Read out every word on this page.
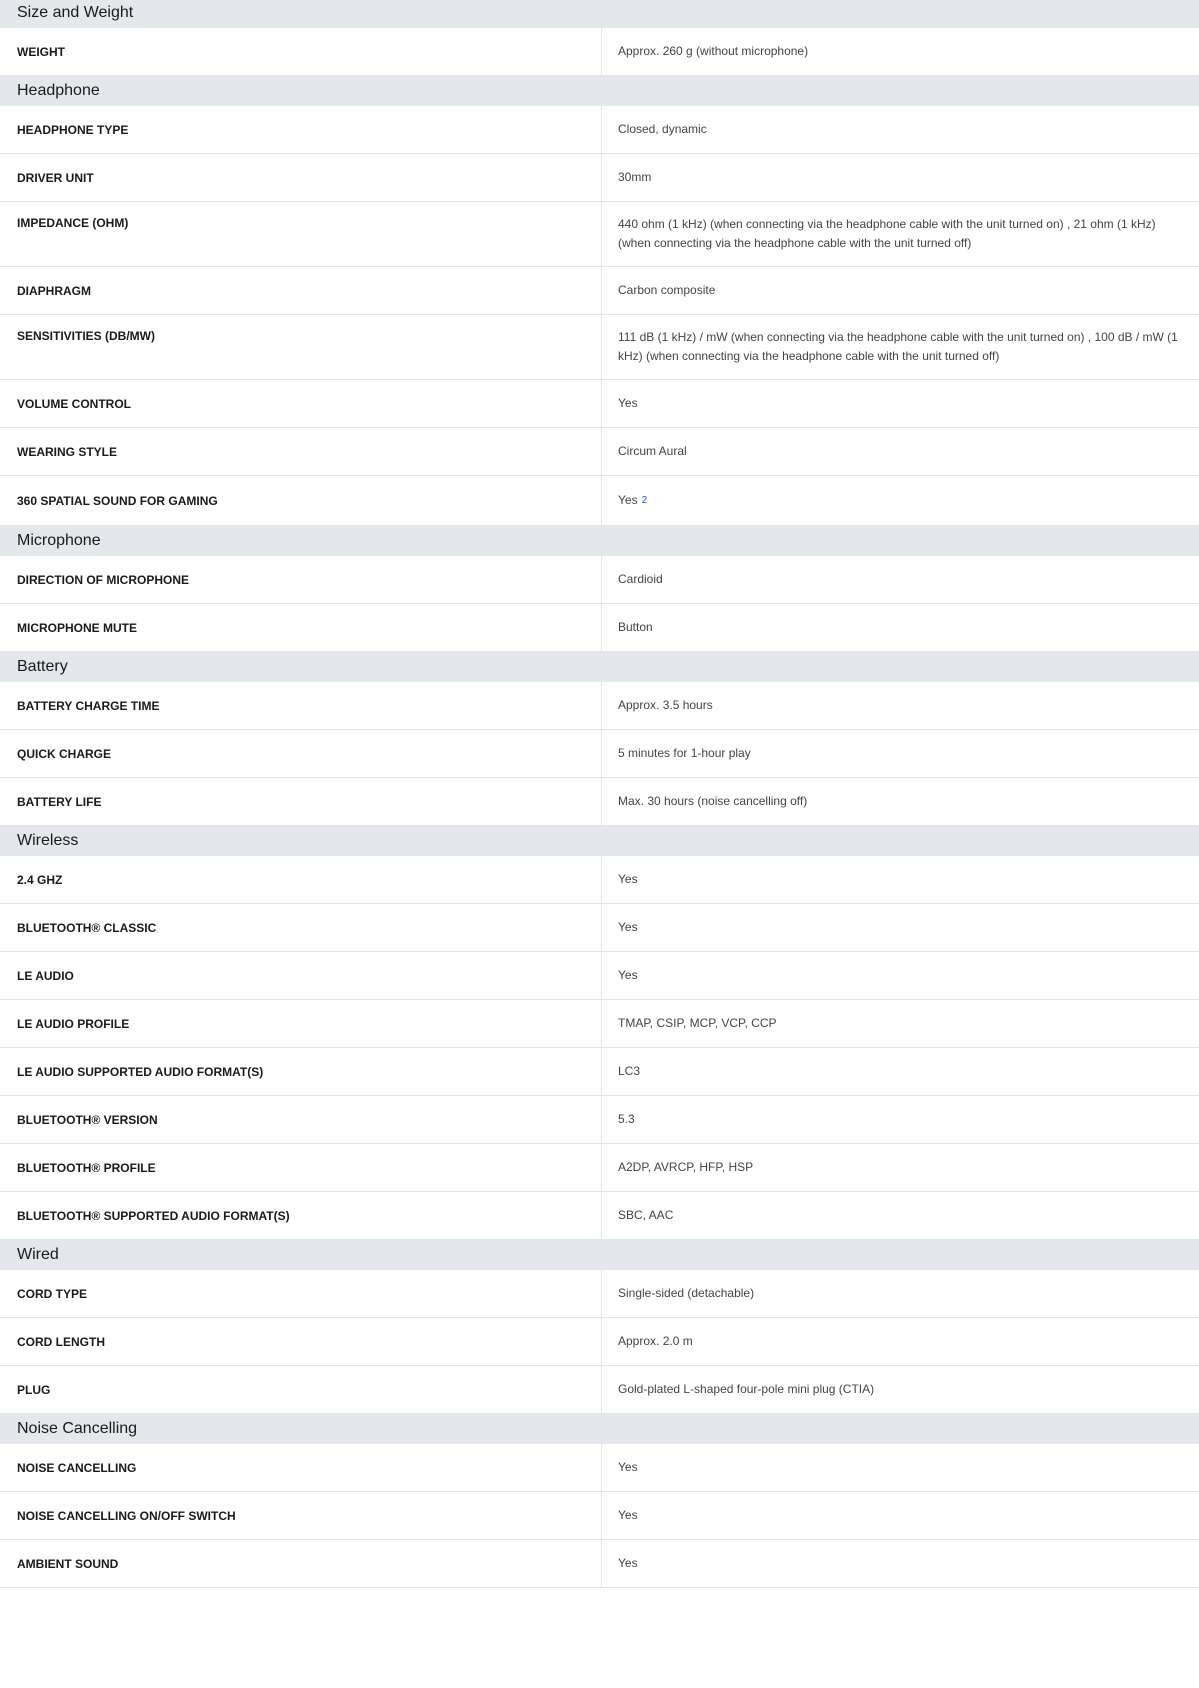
Size and Weight
WEIGHT	Approx. 260 g (without microphone)
Headphone
HEADPHONE TYPE	Closed, dynamic
DRIVER UNIT	30mm
IMPEDANCE (OHM)	440 ohm (1 kHz) (when connecting via the headphone cable with the unit turned on) , 21 ohm (1 kHz) (when connecting via the headphone cable with the unit turned off)
DIAPHRAGM	Carbon composite
SENSITIVITIES (DB/MW)	111 dB (1 kHz) / mW (when connecting via the headphone cable with the unit turned on) , 100 dB / mW (1 kHz) (when connecting via the headphone cable with the unit turned off)
VOLUME CONTROL	Yes
WEARING STYLE	Circum Aural
360 SPATIAL SOUND FOR GAMING	Yes 2
Microphone
DIRECTION OF MICROPHONE	Cardioid
MICROPHONE MUTE	Button
Battery
BATTERY CHARGE TIME	Approx. 3.5 hours
QUICK CHARGE	5 minutes for 1-hour play
BATTERY LIFE	Max. 30 hours (noise cancelling off)
Wireless
2.4 GHZ	Yes
BLUETOOTH® CLASSIC	Yes
LE AUDIO	Yes
LE AUDIO PROFILE	TMAP, CSIP, MCP, VCP, CCP
LE AUDIO SUPPORTED AUDIO FORMAT(S)	LC3
BLUETOOTH® VERSION	5.3
BLUETOOTH® PROFILE	A2DP, AVRCP, HFP, HSP
BLUETOOTH® SUPPORTED AUDIO FORMAT(S)	SBC, AAC
Wired
CORD TYPE	Single-sided (detachable)
CORD LENGTH	Approx. 2.0 m
PLUG	Gold-plated L-shaped four-pole mini plug (CTIA)
Noise Cancelling
NOISE CANCELLING	Yes
NOISE CANCELLING ON/OFF SWITCH	Yes
AMBIENT SOUND	Yes
